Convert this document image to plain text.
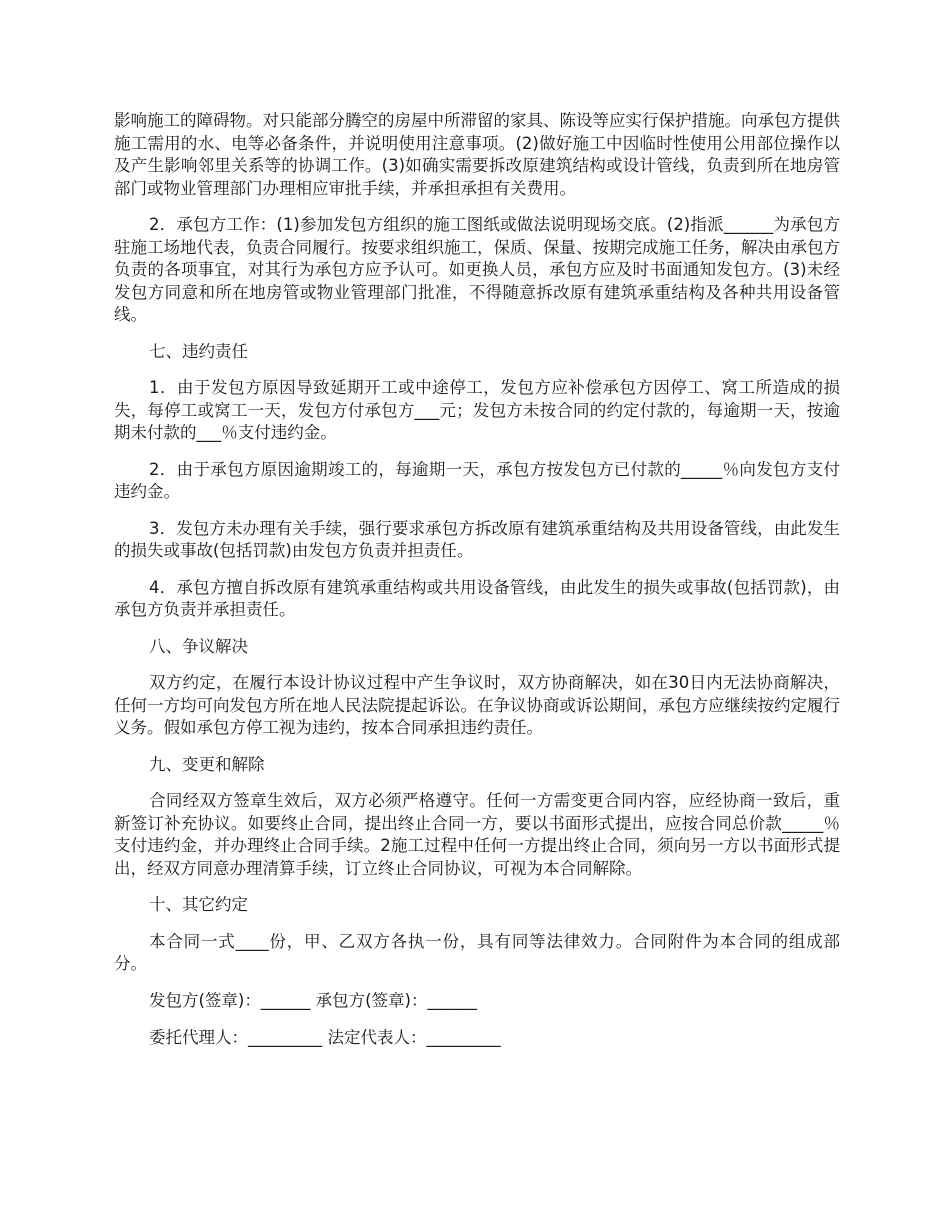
影响施工的障碍物。对只能部分腾空的房屋中所滞留的家具、陈设等应实行保护措施。向承包方提供施工需用的水、电等必备条件，并说明使用注意事项。(2)做好施工中因临时性使用公用部位操作以及产生影响邻里关系等的协调工作。(3)如确实需要拆改原建筑结构或设计管线，负责到所在地房管部门或物业管理部门办理相应审批手续，并承担承担有关费用。

2．承包方工作：(1)参加发包方组织的施工图纸或做法说明现场交底。(2)指派______为承包方驻施工场地代表，负责合同履行。按要求组织施工，保质、保量、按期完成施工任务，解决由承包方负责的各项事宜，对其行为承包方应予认可。如更换人员，承包方应及时书面通知发包方。(3)未经发包方同意和所在地房管或物业管理部门批准，不得随意拆改原有建筑承重结构及各种共用设备管线。

七、违约责任

1．由于发包方原因导致延期开工或中途停工，发包方应补偿承包方因停工、窝工所造成的损失，每停工或窝工一天，发包方付承包方___元；发包方未按合同的约定付款的，每逾期一天，按逾期未付款的___％支付违约金。

2．由于承包方原因逾期竣工的，每逾期一天，承包方按发包方已付款的_____％向发包方支付违约金。

3．发包方未办理有关手续，强行要求承包方拆改原有建筑承重结构及共用设备管线，由此发生的损失或事故(包括罚款)由发包方负责并担责任。

4．承包方擅自拆改原有建筑承重结构或共用设备管线，由此发生的损失或事故(包括罚款)，由承包方负责并承担责任。

八、争议解决

双方约定，在履行本设计协议过程中产生争议时，双方协商解决，如在30日内无法协商解决，任何一方均可向发包方所在地人民法院提起诉讼。在争议协商或诉讼期间，承包方应继续按约定履行义务。假如承包方停工视为违约，按本合同承担违约责任。

九、变更和解除

合同经双方签章生效后，双方必须严格遵守。任何一方需变更合同内容，应经协商一致后，重新签订补充协议。如要终止合同，提出终止合同一方，要以书面形式提出，应按合同总价款_____％支付违约金，并办理终止合同手续。2施工过程中任何一方提出终止合同，须向另一方以书面形式提出，经双方同意办理清算手续，订立终止合同协议，可视为本合同解除。

十、其它约定

本合同一式____份，甲、乙双方各执一份，具有同等法律效力。合同附件为本合同的组成部分。

发包方(签章)：______ 承包方(签章)：______

委托代理人：_________ 法定代表人：_________
